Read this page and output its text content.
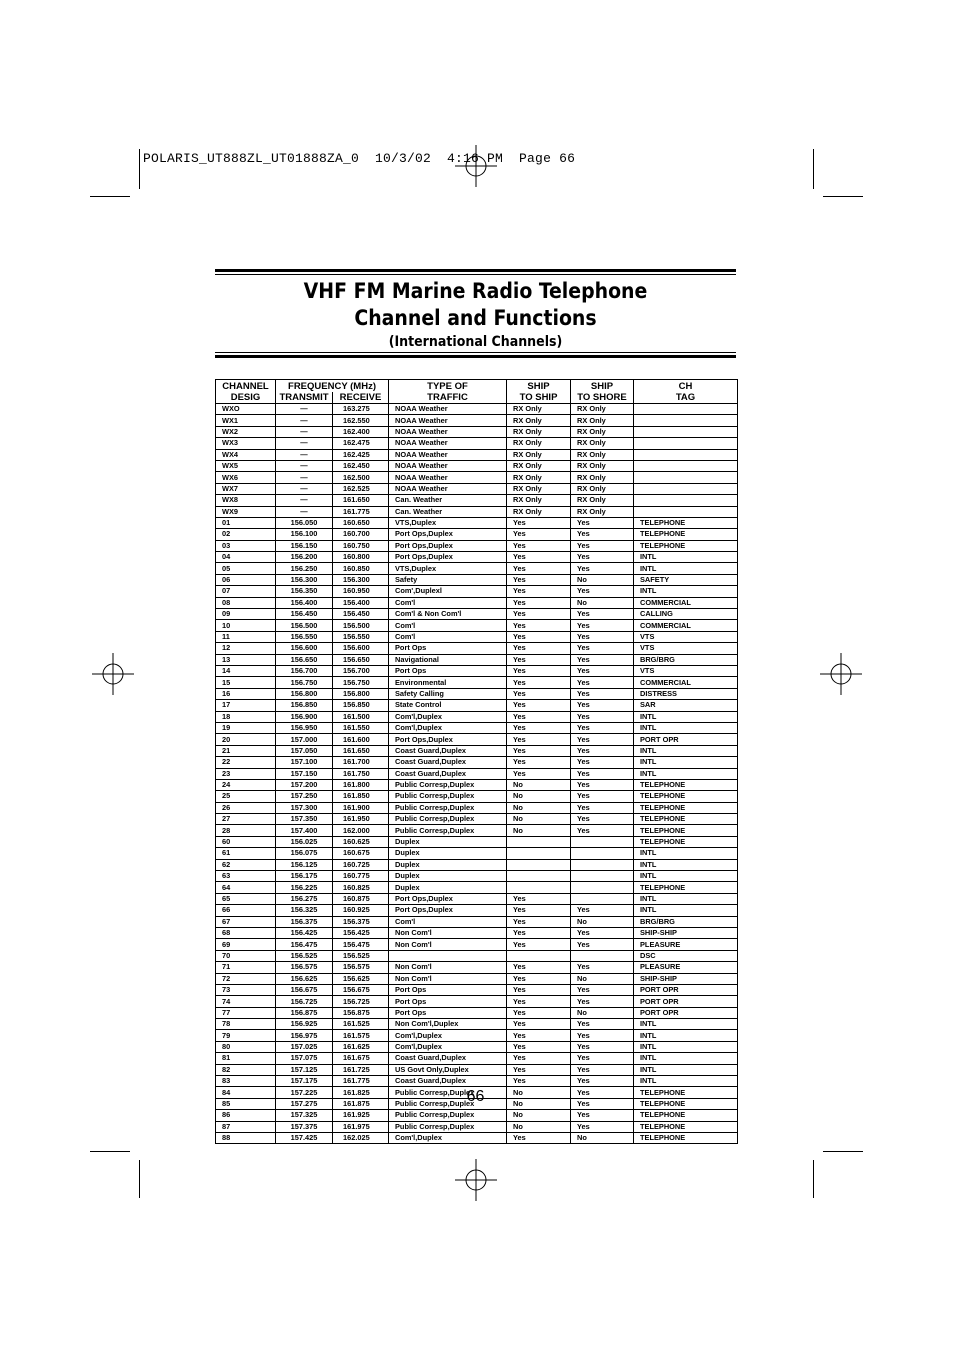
POLARIS_UT888ZL_UT01888ZA_0  10/3/02  4:16 PM  Page 66
VHF FM Marine Radio Telephone
Channel and Functions
(International Channels)
CHANNEL	FREQUENCY (MHz)		TYPE OF	SHIP	SHIP	CH
DESIG	TRANSMIT	RECEIVE	TRAFFIC	TO SHIP	TO SHORE	TAG
WXO	—	163.275	NOAA Weather	RX Only	RX Only	
WX1	—	162.550	NOAA Weather	RX Only	RX Only	
WX2	—	162.400	NOAA Weather	RX Only	RX Only	
WX3	—	162.475	NOAA Weather	RX Only	RX Only	
WX4	—	162.425	NOAA Weather	RX Only	RX Only	
WX5	—	162.450	NOAA Weather	RX Only	RX Only	
WX6	—	162.500	NOAA Weather	RX Only	RX Only	
WX7	—	162.525	NOAA Weather	RX Only	RX Only	
WX8	—	161.650	Can. Weather	RX Only	RX Only	
WX9	—	161.775	Can. Weather	RX Only	RX Only	
01	156.050	160.650	VTS,Duplex	Yes	Yes	TELEPHONE
02	156.100	160.700	Port Ops,Duplex	Yes	Yes	TELEPHONE
03	156.150	160.750	Port Ops,Duplex	Yes	Yes	TELEPHONE
04	156.200	160.800	Port Ops,Duplex	Yes	Yes	INTL
05	156.250	160.850	VTS,Duplex	Yes	Yes	INTL
06	156.300	156.300	Safety	Yes	No	SAFETY
07	156.350	160.950	Com',Duplexl	Yes	Yes	INTL
08	156.400	156.400	Com'l	Yes	No	COMMERCIAL
09	156.450	156.450	Com'l & Non Com'l	Yes	Yes	CALLING
10	156.500	156.500	Com'l	Yes	Yes	COMMERCIAL
11	156.550	156.550	Com'l	Yes	Yes	VTS
12	156.600	156.600	Port Ops	Yes	Yes	VTS
13	156.650	156.650	Navigational	Yes	Yes	BRG/BRG
14	156.700	156.700	Port Ops	Yes	Yes	VTS
15	156.750	156.750	Environmental	Yes	Yes	COMMERCIAL
16	156.800	156.800	Safety Calling	Yes	Yes	DISTRESS
17	156.850	156.850	State Control	Yes	Yes	SAR
18	156.900	161.500	Com'l,Duplex	Yes	Yes	INTL
19	156.950	161.550	Com'l,Duplex	Yes	Yes	INTL
20	157.000	161.600	Port Ops,Duplex	Yes	Yes	PORT OPR
21	157.050	161.650	Coast Guard,Duplex	Yes	Yes	INTL
22	157.100	161.700	Coast Guard,Duplex	Yes	Yes	INTL
23	157.150	161.750	Coast Guard,Duplex	Yes	Yes	INTL
24	157.200	161.800	Public Corresp,Duplex	No	Yes	TELEPHONE
25	157.250	161.850	Public Corresp,Duplex	No	Yes	TELEPHONE
26	157.300	161.900	Public Corresp,Duplex	No	Yes	TELEPHONE
27	157.350	161.950	Public Corresp,Duplex	No	Yes	TELEPHONE
28	157.400	162.000	Public Corresp,Duplex	No	Yes	TELEPHONE
60	156.025	160.625	Duplex			TELEPHONE
61	156.075	160.675	Duplex			INTL
62	156.125	160.725	Duplex			INTL
63	156.175	160.775	Duplex			INTL
64	156.225	160.825	Duplex			TELEPHONE
65	156.275	160.875	Port Ops,Duplex	Yes		INTL
66	156.325	160.925	Port Ops,Duplex	Yes	Yes	INTL
67	156.375	156.375	Com'l	Yes	No	BRG/BRG
68	156.425	156.425	Non Com'l	Yes	Yes	SHIP-SHIP
69	156.475	156.475	Non Com'l	Yes	Yes	PLEASURE
70	156.525	156.525				DSC
71	156.575	156.575	Non Com'l	Yes	Yes	PLEASURE
72	156.625	156.625	Non Com'l	Yes	No	SHIP-SHIP
73	156.675	156.675	Port Ops	Yes	Yes	PORT OPR
74	156.725	156.725	Port Ops	Yes	Yes	PORT OPR
77	156.875	156.875	Port Ops	Yes	No	PORT OPR
78	156.925	161.525	Non Com'l,Duplex	Yes	Yes	INTL
79	156.975	161.575	Com'l,Duplex	Yes	Yes	INTL
80	157.025	161.625	Com'l,Duplex	Yes	Yes	INTL
81	157.075	161.675	Coast Guard,Duplex	Yes	Yes	INTL
82	157.125	161.725	US Govt Only,Duplex	Yes	Yes	INTL
83	157.175	161.775	Coast Guard,Duplex	Yes	Yes	INTL
84	157.225	161.825	Public Corresp,Duplex	No	Yes	TELEPHONE
85	157.275	161.875	Public Corresp,Duplex	No	Yes	TELEPHONE
86	157.325	161.925	Public Corresp,Duplex	No	Yes	TELEPHONE
87	157.375	161.975	Public Corresp,Duplex	No	Yes	TELEPHONE
88	157.425	162.025	Com'l,Duplex	Yes	No	TELEPHONE
66
